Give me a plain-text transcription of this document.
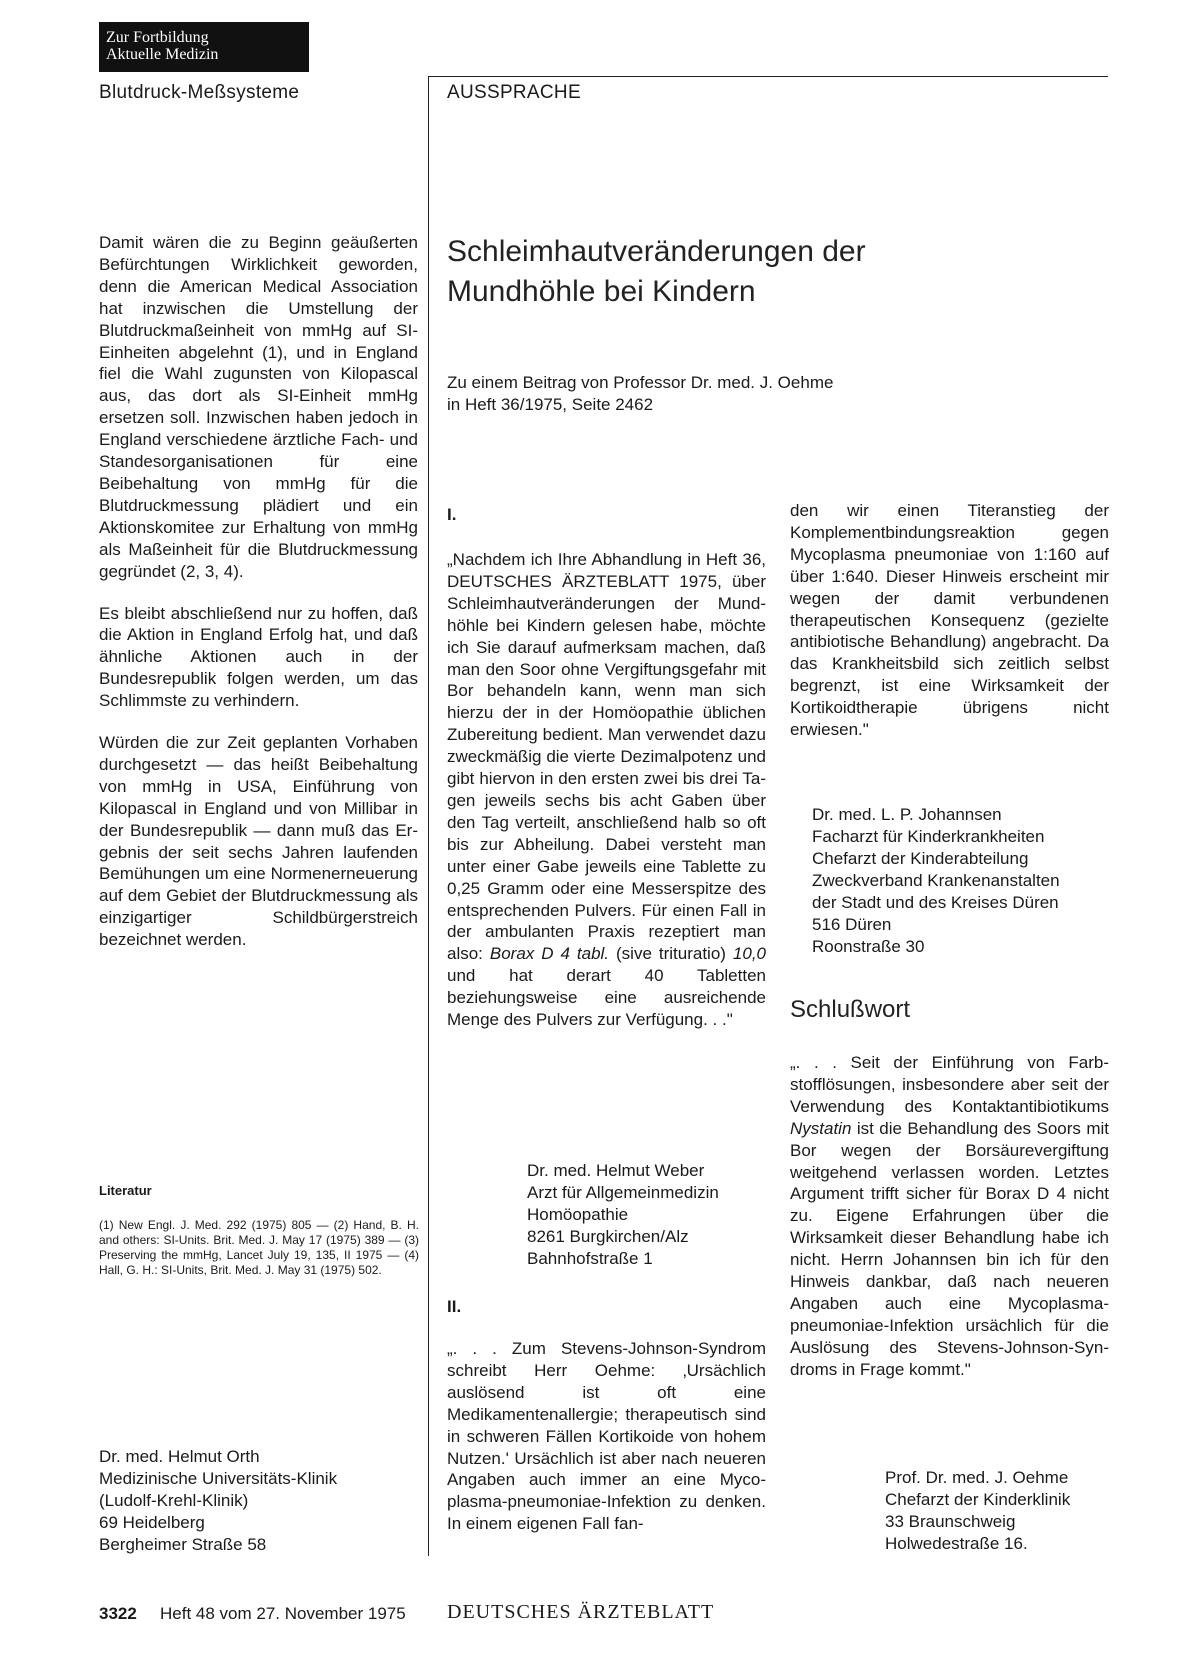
Zur Fortbildung
Aktuelle Medizin
Blutdruck-Meßsysteme	AUSSPRACHE

Damit wären die zu Beginn geäußerten Befürchtungen Wirklichkeit geworden, denn die American Medical Association hat inzwischen die Umstellung der Blutdruckmaßeinheit von mmHg auf SI-Einheiten abgelehnt (1), und in England fiel die Wahl zugunsten von Kilopascal aus, das dort als SI-Einheit mmHg ersetzen soll. Inzwischen haben jedoch in England verschiedene ärztliche Fach- und Standesorganisationen für eine Beibehaltung von mmHg für die Blutdruckmessung plädiert und ein Aktionskomitee zur Erhaltung von mmHg als Maßeinheit für die Blutdruckmessung gegründet (2, 3, 4).

Es bleibt abschließend nur zu hoffen, daß die Aktion in England Erfolg hat, und daß ähnliche Aktionen auch in der Bundesrepublik folgen werden, um das Schlimmste zu verhindern.

Würden die zur Zeit geplanten Vorhaben durchgesetzt — das heißt Beibehaltung von mmHg in USA, Einführung von Kilopascal in England und von Millibar in der Bundesrepublik — dann muß das Ergebnis der seit sechs Jahren laufenden Bemühungen um eine Normenerneuerung auf dem Gebiet der Blutdruckmessung als einzigartiger Schildbürgerstreich bezeichnet werden.

Literatur
(1) New Engl. J. Med. 292 (1975) 805 — (2) Hand, B. H. and others: SI-Units. Brit. Med. J. May 17 (1975) 389 — (3) Preserving the mmHg, Lancet July 19, 135, II 1975 — (4) Hall, G. H.: SI-Units, Brit. Med. J. May 31 (1975) 502.
Dr. med. Helmut Orth
Medizinische Universitäts-Klinik
(Ludolf-Krehl-Klinik)
69 Heidelberg
Bergheimer Straße 58
Schleimhautveränderungen der
Mundhöhle bei Kindern
Zu einem Beitrag von Professor Dr. med. J. Oehme
in Heft 36/1975, Seite 2462
I.

„Nachdem ich Ihre Abhandlung in Heft 36, DEUTSCHES ÄRZTEBLATT 1975, über Schleimhautveränderungen der Mundhöhle bei Kindern gelesen habe, möchte ich Sie darauf aufmerksam machen, daß man den Soor ohne Vergiftungsgefahr mit Bor behandeln kann, wenn man sich hierzu der in der Homöopathie üblichen Zubereitung bedient. Man verwendet dazu zweckmäßig die vierte Dezimalpotenz und gibt hiervon in den ersten zwei bis drei Tagen jeweils sechs bis acht Gaben über den Tag verteilt, anschließend halb so oft bis zur Abheilung. Dabei versteht man unter einer Gabe jeweils eine Tablette zu 0,25 Gramm oder eine Messerspitze des entsprechenden Pulvers. Für einen Fall in der ambulanten Praxis rezeptiert man also: Borax D 4 tabl. (sive trituratio) 10,0 und hat derart 40 Tabletten beziehungsweise eine ausreichende Menge des Pulvers zur Verfügung. . ."

Dr. med. Helmut Weber
Arzt für Allgemeinmedizin
Homöopathie
8261 Burgkirchen/Alz
Bahnhofstraße 1
II.
„. . . Zum Stevens-Johnson-Syndrom schreibt Herr Oehme: ‚Ursächlich auslösend ist oft eine Medikamentenallergie; therapeutisch sind in schweren Fällen Kortikoide von hohem Nutzen.' Ursächlich ist aber nach neueren Angaben auch immer an eine Mycoplasma-pneumoniae-Infektion zu denken. In einem eigenen Fall fan-
den wir einen Titeranstieg der Komplementbindungsreaktion gegen Mycoplasma pneumoniae von 1:160 auf über 1:640. Dieser Hinweis erscheint mir wegen der damit verbundenen therapeutischen Konsequenz (gezielte antibiotische Behandlung) angebracht. Da das Krankheitsbild sich zeitlich selbst begrenzt, ist eine Wirksamkeit der Kortikoidtherapie übrigens nicht erwiesen."
Dr. med. L. P. Johannsen
Facharzt für Kinderkrankheiten
Chefarzt der Kinderabteilung
Zweckverband Krankenanstalten
der Stadt und des Kreises Düren
516 Düren
Roonstraße 30
Schlußwort

„. . . Seit der Einführung von Farbstofflösungen, insbesondere aber seit der Verwendung des Kontaktantibiotikums Nystatin ist die Behandlung des Soors mit Bor wegen der Borsäurevergiftung weitgehend verlassen worden. Letztes Argument trifft sicher für Borax D 4 nicht zu. Eigene Erfahrungen über die Wirksamkeit dieser Behandlung habe ich nicht. Herrn Johannsen bin ich für den Hinweis dankbar, daß nach neueren Angaben auch eine Mycoplasma-pneumoniae-Infektion ursächlich für die Auslösung des Stevens-Johnson-Syndroms in Frage kommt."

Prof. Dr. med. J. Oehme
Chefarzt der Kinderklinik
33 Braunschweig
Holwedestraße 16.
3322 Heft 48 vom 27. November 1975 DEUTSCHES ÄRZTEBLATT
